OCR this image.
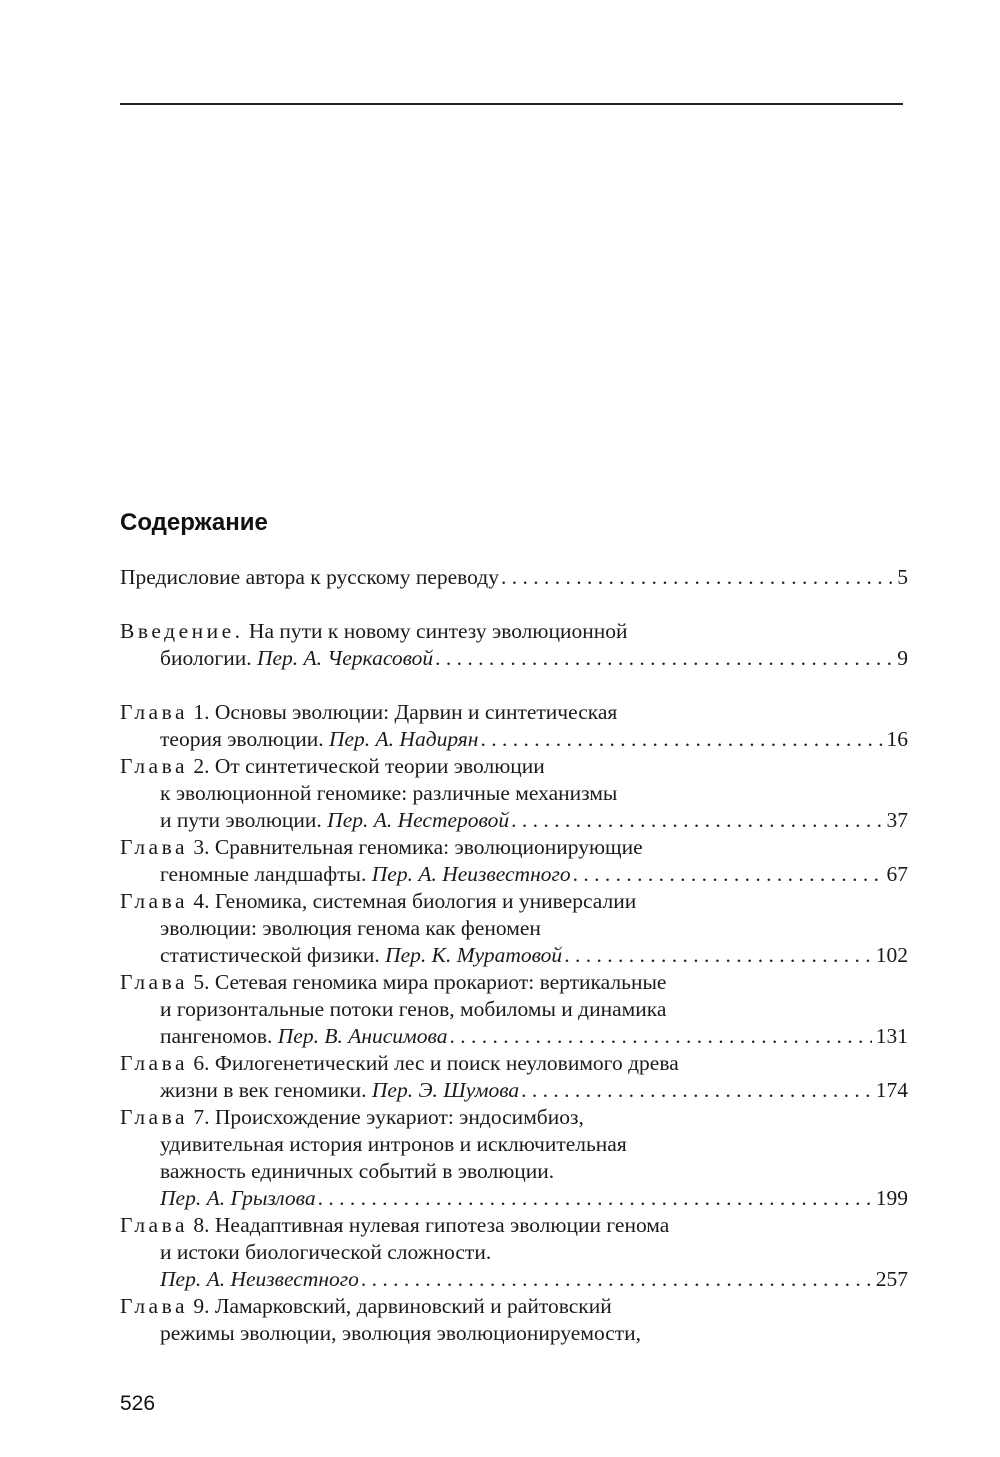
Содержание
Предисловие автора к русскому переводу . . .	5
Введение. На пути к новому синтезу эволюционной
биологии. Пер. А. Черкасовой . . .	9
Глава 1. Основы эволюции: Дарвин и синтетическая
теория эволюции. Пер. А. Надирян . . .	16
Глава 2. От синтетической теории эволюции
к эволюционной геномике: различные механизмы
и пути эволюции. Пер. А. Нестеровой . . .	37
Глава 3. Сравнительная геномика: эволюционирующие
геномные ландшафты. Пер. А. Неизвестного . . .	67
Глава 4. Геномика, системная биология и универсалии
эволюции: эволюция генома как феномен
статистической физики. Пер. К. Муратовой . . .	102
Глава 5. Сетевая геномика мира прокариот: вертикальные
и горизонтальные потоки генов, мобиломы и динамика
пангеномов. Пер. В. Анисимова . . .	131
Глава 6. Филогенетический лес и поиск неуловимого древа
жизни в век геномики. Пер. Э. Шумова . . .	174
Глава 7. Происхождение эукариот: эндосимбиоз,
удивительная история интронов и исключительная
важность единичных событий в эволюции.
Пер. А. Грызлова . . .	199
Глава 8. Неадаптивная нулевая гипотеза эволюции генома
и истоки биологической сложности.
Пер. А. Неизвестного . . .	257
Глава 9. Ламарковский, дарвиновский и райтовский
режимы эволюции, эволюция эволюционируемости,
526
